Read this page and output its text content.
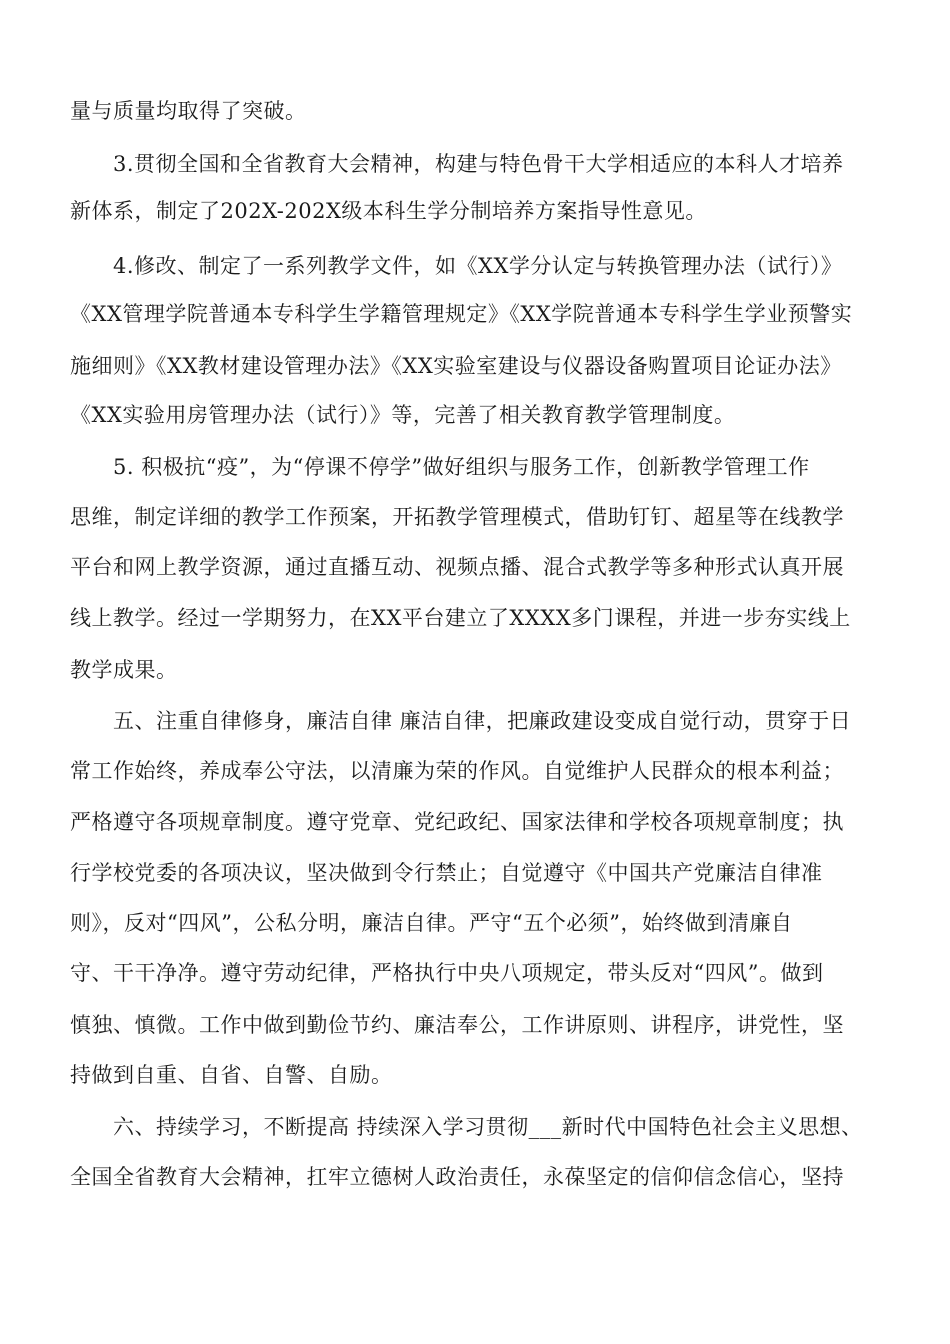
量与质量均取得了突破。
3.贯彻全国和全省教育大会精神，构建与特色骨干大学相适应的本科人才培养
新体系，制定了202X-202X级本科生学分制培养方案指导性意见。
4.修改、制定了一系列教学文件，如《XX学分认定与转换管理办法（试行）》
《XX管理学院普通本专科学生学籍管理规定》《XX学院普通本专科学生学业预警实
施细则》《XX教材建设管理办法》《XX实验室建设与仪器设备购置项目论证办法》
《XX实验用房管理办法（试行）》等，完善了相关教育教学管理制度。
5. 积极抗“疫”，为“停课不停学”做好组织与服务工作，创新教学管理工作
思维，制定详细的教学工作预案，开拓教学管理模式，借助钉钉、超星等在线教学
平台和网上教学资源，通过直播互动、视频点播、混合式教学等多种形式认真开展
线上教学。经过一学期努力，在XX平台建立了XXXX多门课程，并进一步夯实线上
教学成果。
五、注重自律修身，廉洁自律 廉洁自律，把廉政建设变成自觉行动，贯穿于日
常工作始终，养成奉公守法，以清廉为荣的作风。自觉维护人民群众的根本利益；
严格遵守各项规章制度。遵守党章、党纪政纪、国家法律和学校各项规章制度；执
行学校党委的各项决议，坚决做到令行禁止；自觉遵守《中国共产党廉洁自律准
则》，反对“四风”，公私分明，廉洁自律。严守“五个必须”，始终做到清廉自
守、干干净净。遵守劳动纪律，严格执行中央八项规定，带头反对“四风”。做到
慎独、慎微。工作中做到勤俭节约、廉洁奉公，工作讲原则、讲程序，讲党性，坚
持做到自重、自省、自警、自励。
六、持续学习，不断提高 持续深入学习贯彻___新时代中国特色社会主义思想、
全国全省教育大会精神，扛牢立德树人政治责任，永葆坚定的信仰信念信心，坚持
